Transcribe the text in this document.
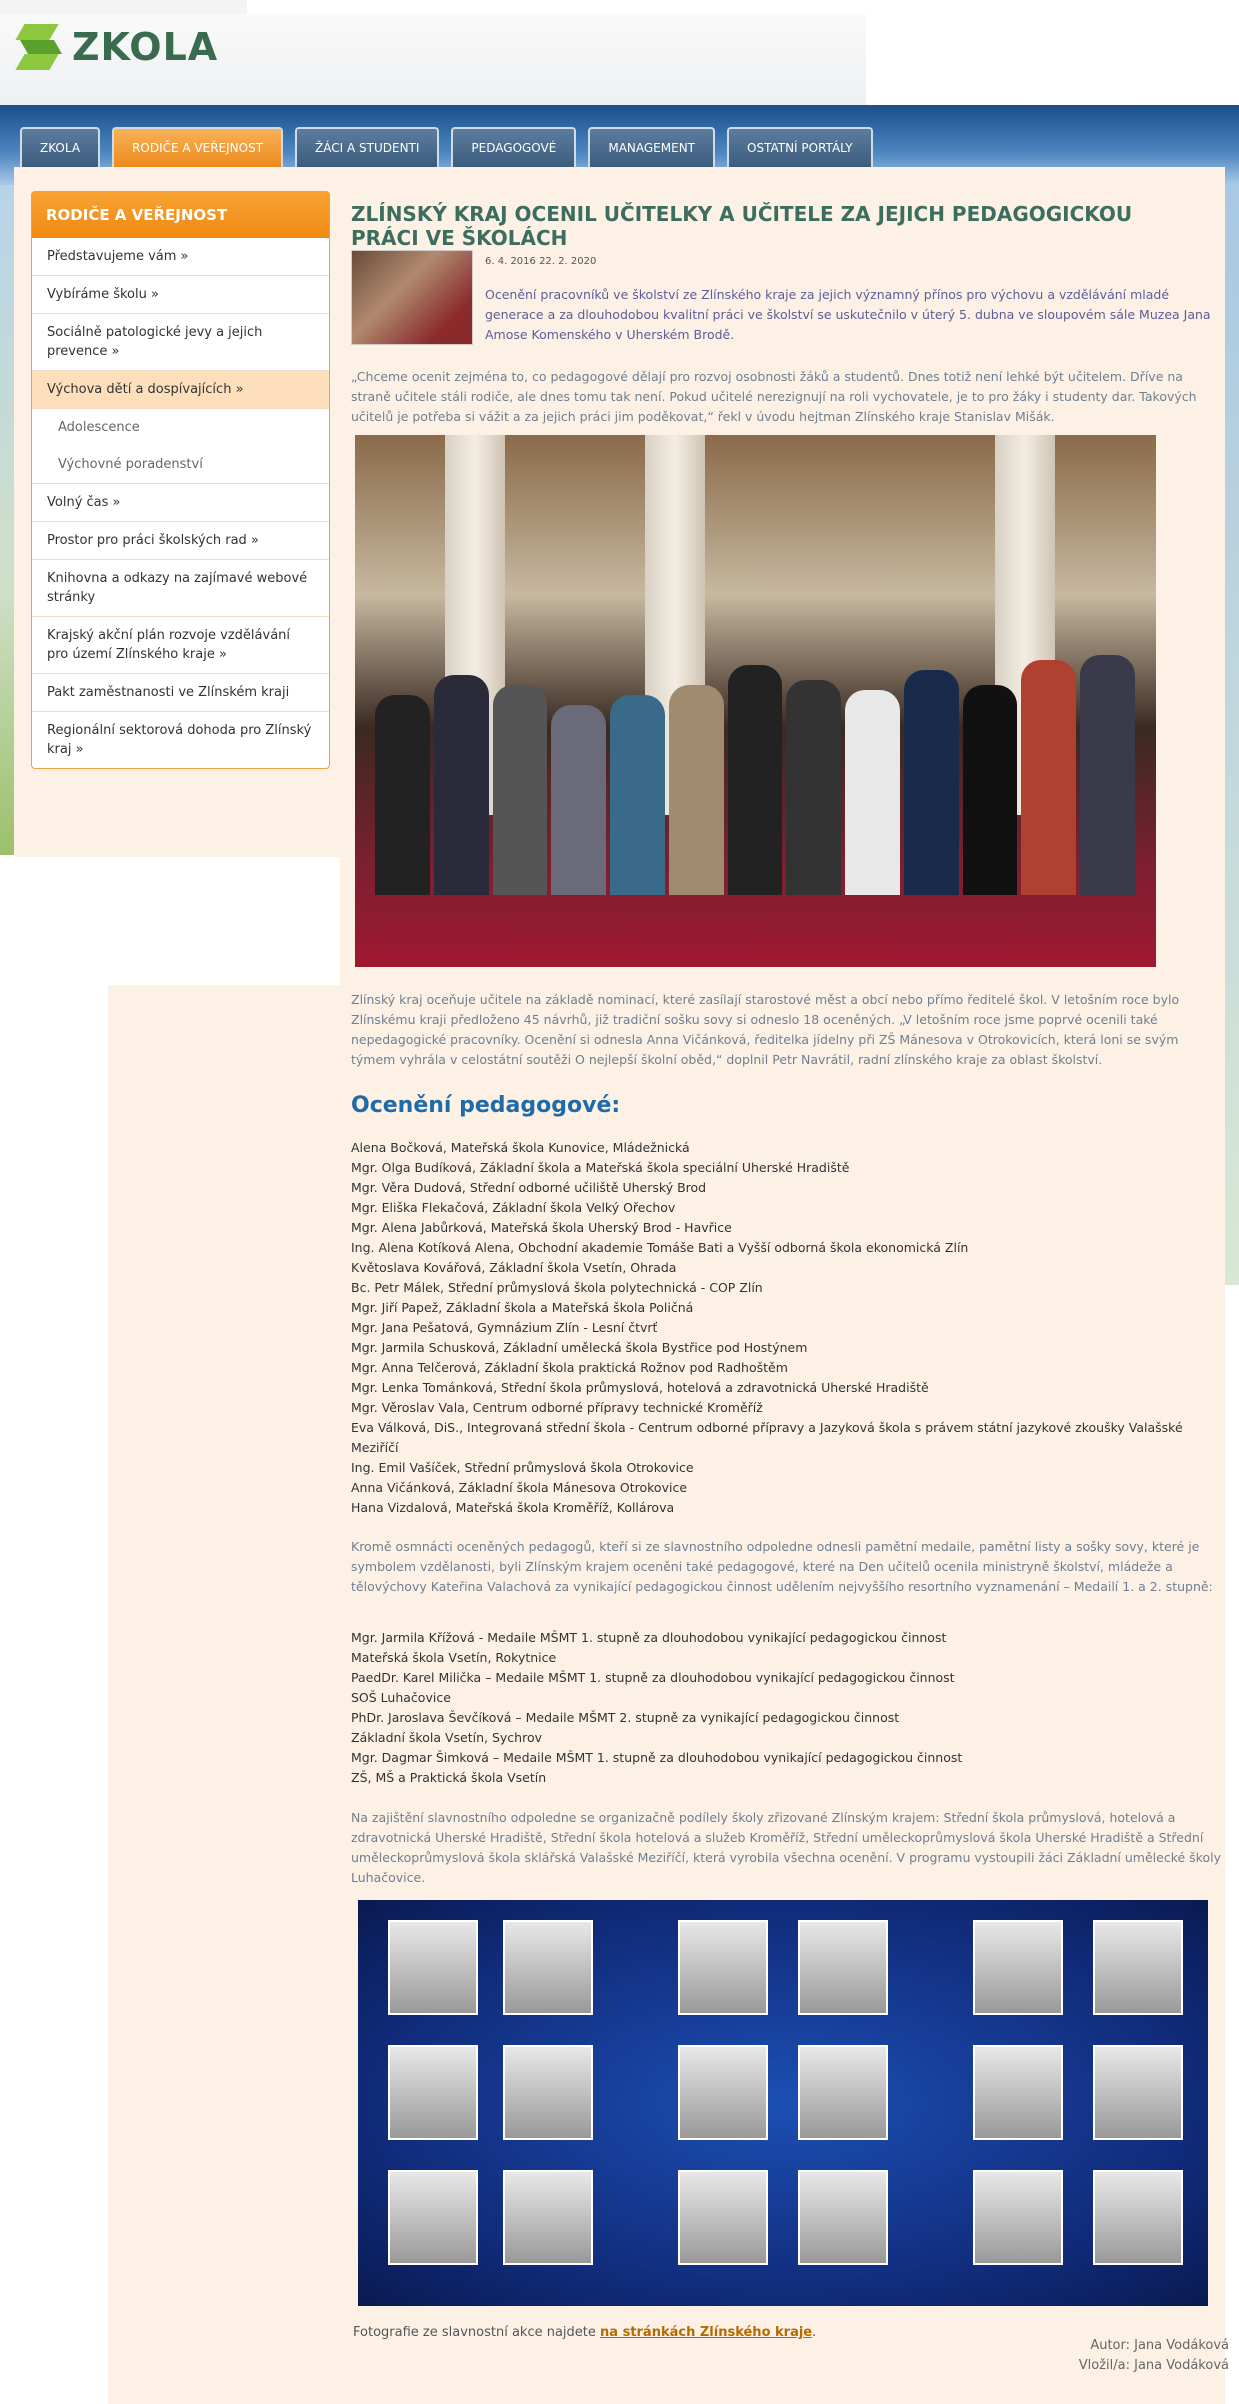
ZKOLA
ZKOLA	RODIČE A VEŘEJNOST	ŽÁCI A STUDENTI	PEDAGOGOVÉ	MANAGEMENT	OSTATNÍ PORTÁLY
RODIČE A VEŘEJNOST
Představujeme vám »
Vybíráme školu »
Sociálně patologické jevy a jejich prevence »
Výchova dětí a dospívajících »
Adolescence
Výchovné poradenství
Volný čas »
Prostor pro práci školských rad »
Knihovna a odkazy na zajímavé webové stránky
Krajský akční plán rozvoje vzdělávání pro území Zlínského kraje »
Pakt zaměstnanosti ve Zlínském kraji
Regionální sektorová dohoda pro Zlínský kraj »
ZLÍNSKÝ KRAJ OCENIL UČITELKY A UČITELE ZA JEJICH PEDAGOGICKOU PRÁCI VE ŠKOLÁCH
6. 4. 2016 22. 2. 2020

Ocenění pracovníků ve školství ze Zlínského kraje za jejich významný přínos pro výchovu a vzdělávání mladé generace a za dlouhodobou kvalitní práci ve školství se uskutečnilo v úterý 5. dubna ve sloupovém sále Muzea Jana Amose Komenského v Uherském Brodě.

„Chceme ocenit zejména to, co pedagogové dělají pro rozvoj osobnosti žáků a studentů. Dnes totiž není lehké být učitelem. Dříve na straně učitele stáli rodiče, ale dnes tomu tak není. Pokud učitelé nerezignují na roli vychovatele, je to pro žáky i studenty dar. Takových učitelů je potřeba si vážit a za jejich práci jim poděkovat,“ řekl v úvodu hejtman Zlínského kraje Stanislav Mišák.

Zlínský kraj oceňuje učitele na základě nominací, které zasílají starostové měst a obcí nebo přímo ředitelé škol. V letošním roce bylo Zlínskému kraji předloženo 45 návrhů, již tradiční sošku sovy si odneslo 18 oceněných. „V letošním roce jsme poprvé ocenili také nepedagogické pracovníky. Ocenění si odnesla Anna Vičánková, ředitelka jídelny při ZŠ Mánesova v Otrokovicích, která loni se svým týmem vyhrála v celostátní soutěži O nejlepší školní oběd,“ doplnil Petr Navrátil, radní zlínského kraje za oblast školství.

Ocenění pedagogové:
Alena Bočková, Mateřská škola Kunovice, Mládežnická
Mgr. Olga Budíková, Základní škola a Mateřská škola speciální Uherské Hradiště
Mgr. Věra Dudová, Střední odborné učiliště Uherský Brod
Mgr. Eliška Flekačová, Základní škola Velký Ořechov
Mgr. Alena Jabůrková, Mateřská škola Uherský Brod - Havřice
Ing. Alena Kotíková Alena, Obchodní akademie Tomáše Bati a Vyšší odborná škola ekonomická Zlín
Květoslava Kovářová, Základní škola Vsetín, Ohrada
Bc. Petr Málek, Střední průmyslová škola polytechnická - COP Zlín
Mgr. Jiří Papež, Základní škola a Mateřská škola Poličná
Mgr. Jana Pešatová, Gymnázium Zlín - Lesní čtvrť
Mgr. Jarmila Schusková, Základní umělecká škola Bystřice pod Hostýnem
Mgr. Anna Telčerová, Základní škola praktická Rožnov pod Radhoštěm
Mgr. Lenka Tománková, Střední škola průmyslová, hotelová a zdravotnická Uherské Hradiště
Mgr. Věroslav Vala, Centrum odborné přípravy technické Kroměříž
Eva Válková, DiS., Integrovaná střední škola - Centrum odborné přípravy a Jazyková škola s právem státní jazykové zkoušky Valašské Meziříčí
Ing. Emil Vašíček, Střední průmyslová škola Otrokovice
Anna Vičánková, Základní škola Mánesova Otrokovice
Hana Vizdalová, Mateřská škola Kroměříž, Kollárova

Kromě osmnácti oceněných pedagogů, kteří si ze slavnostního odpoledne odnesli pamětní medaile, pamětní listy a sošky sovy, které je symbolem vzdělanosti, byli Zlínským krajem oceněni také pedagogové, které na Den učitelů ocenila ministryně školství, mládeže a tělovýchovy Kateřina Valachová za vynikající pedagogickou činnost udělením nejvyššího resortního vyznamenání – Medailí 1. a 2. stupně:

Mgr. Jarmila Křížová - Medaile MŠMT 1. stupně za dlouhodobou vynikající pedagogickou činnost
Mateřská škola Vsetín, Rokytnice
PaedDr. Karel Milička – Medaile MŠMT 1. stupně za dlouhodobou vynikající pedagogickou činnost
SOŠ Luhačovice
PhDr. Jaroslava Ševčíková – Medaile MŠMT 2. stupně za vynikající pedagogickou činnost
Základní škola Vsetín, Sychrov
Mgr. Dagmar Šimková – Medaile MŠMT 1. stupně za dlouhodobou vynikající pedagogickou činnost
ZŠ, MŠ a Praktická škola Vsetín

Na zajištění slavnostního odpoledne se organizačně podílely školy zřizované Zlínským krajem: Střední škola průmyslová, hotelová a zdravotnická Uherské Hradiště, Střední škola hotelová a služeb Kroměříž, Střední uměleckoprůmyslová škola Uherské Hradiště a Střední uměleckoprůmyslová škola sklářská Valašské Meziříčí, která vyrobila všechna ocenění. V programu vystoupili žáci Základní umělecké školy Luhačovice.

Fotografie ze slavnostní akce najdete na stránkách Zlínského kraje.
Autor: Jana Vodáková
Vložil/a: Jana Vodáková
